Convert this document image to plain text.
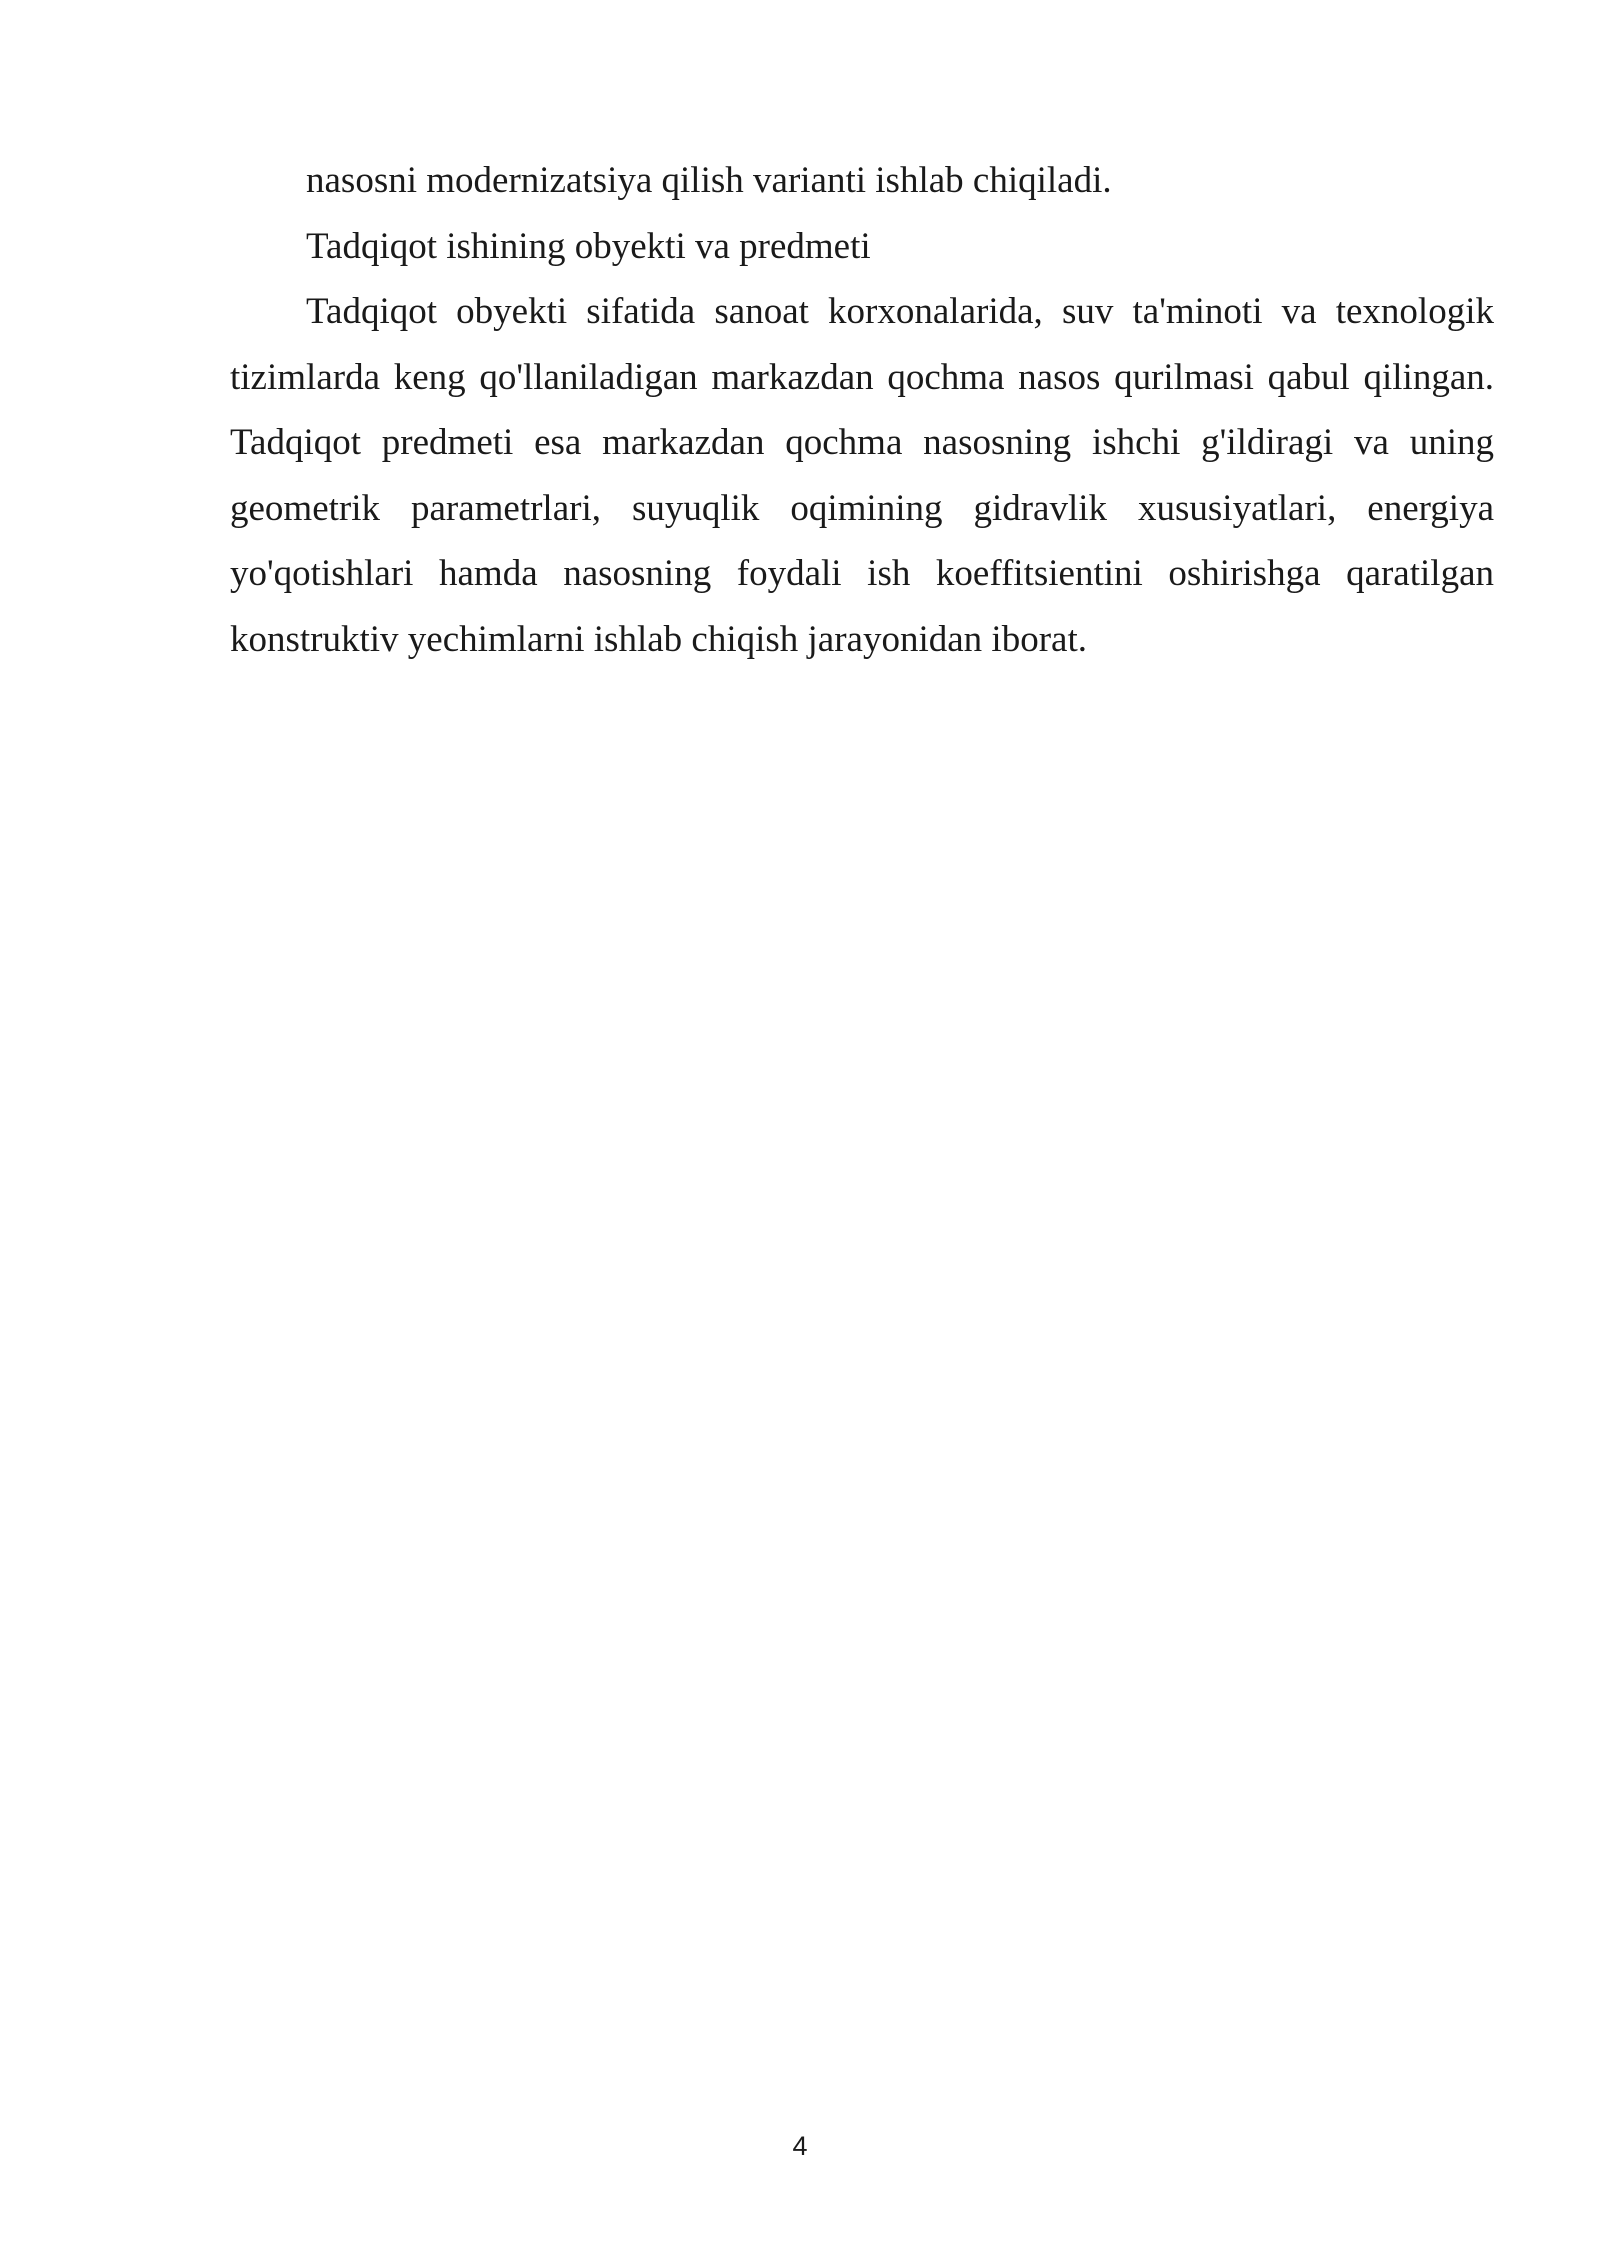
nasosni modernizatsiya qilish varianti ishlab chiqiladi.

Tadqiqot ishining obyekti va predmeti

Tadqiqot obyekti sifatida sanoat korxonalarida, suv ta'minoti va texnologik tizimlarda keng qo'llaniladigan markazdan qochma nasos qurilmasi qabul qilingan. Tadqiqot predmeti esa markazdan qochma nasosning ishchi g'ildiragi va uning geometrik parametrlari, suyuqlik oqimining gidravlik xususiyatlari, energiya yo'qotishlari hamda nasosning foydali ish koeffitsientini oshirishga qaratilgan konstruktiv yechimlarni ishlab chiqish jarayonidan iborat.

4
